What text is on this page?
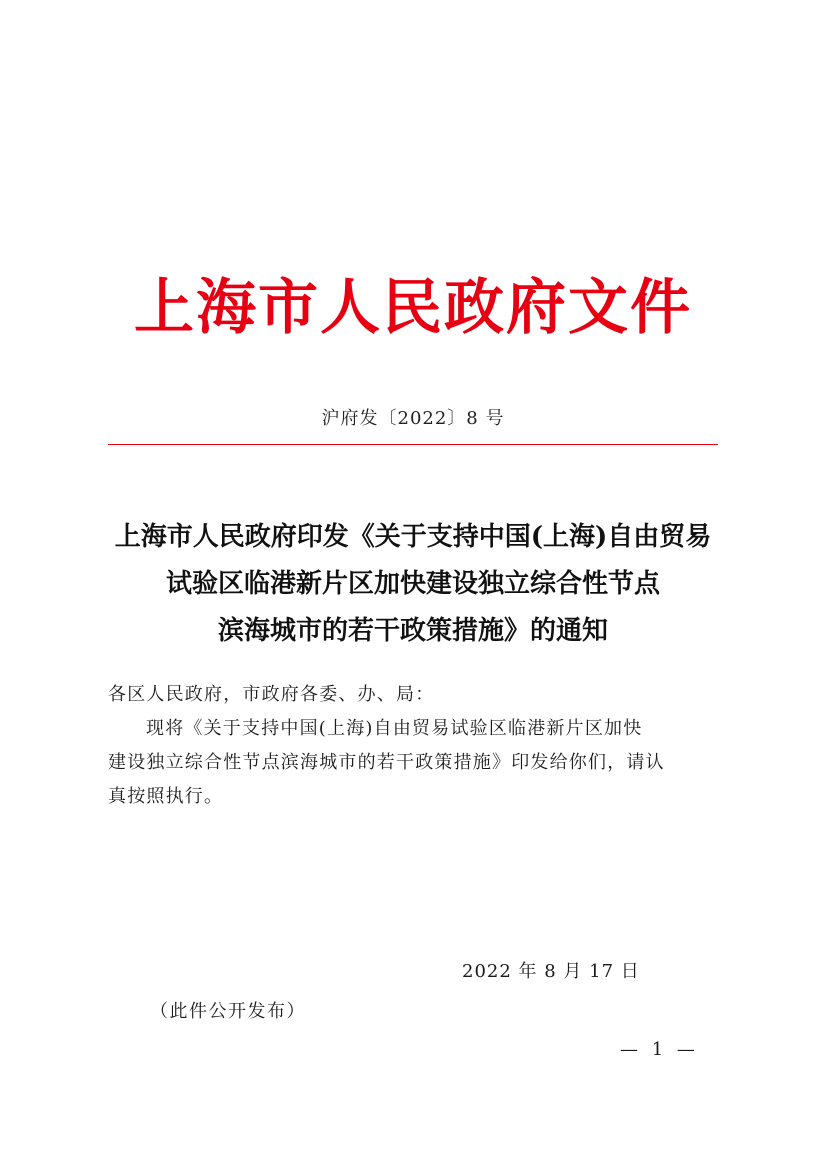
上海市人民政府文件
沪府发〔2022〕8 号
上海市人民政府印发《关于支持中国(上海)自由贸易
试验区临港新片区加快建设独立综合性节点
滨海城市的若干政策措施》的通知
各区人民政府，市政府各委、办、局：
现将《关于支持中国(上海)自由贸易试验区临港新片区加快
建设独立综合性节点滨海城市的若干政策措施》印发给你们，请认
真按照执行。
2022 年 8 月 17 日
（此件公开发布）
— 1 —
